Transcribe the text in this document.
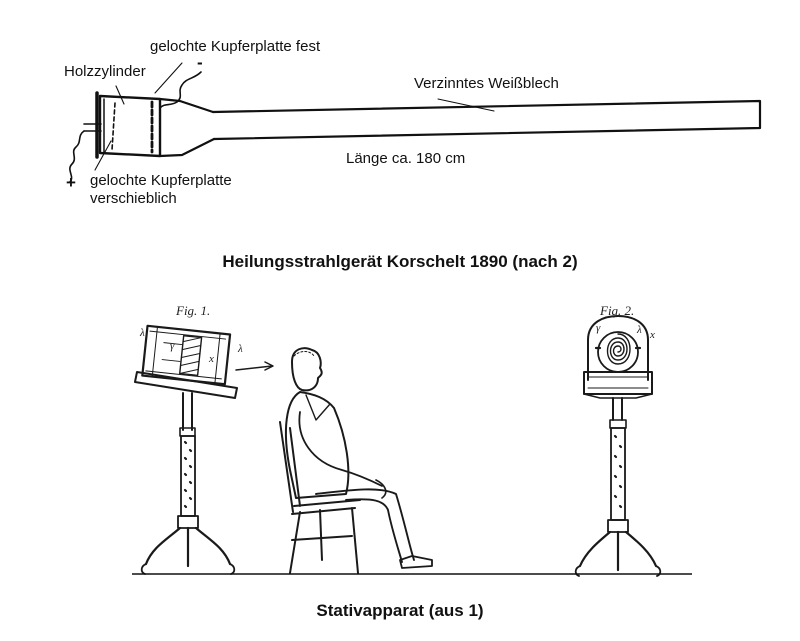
gelochte Kupferplatte fest
Holzzylinder
Verzinntes Weißblech
Länge ca. 180 cm
gelochte Kupferplatte
verschieblich
-
+
Heilungsstrahlgerät Korschelt 1890 (nach 2)
Fig. 1.	Fig. 2.
λ
λ
γ
x
γ	λ x
Stativapparat (aus 1)
